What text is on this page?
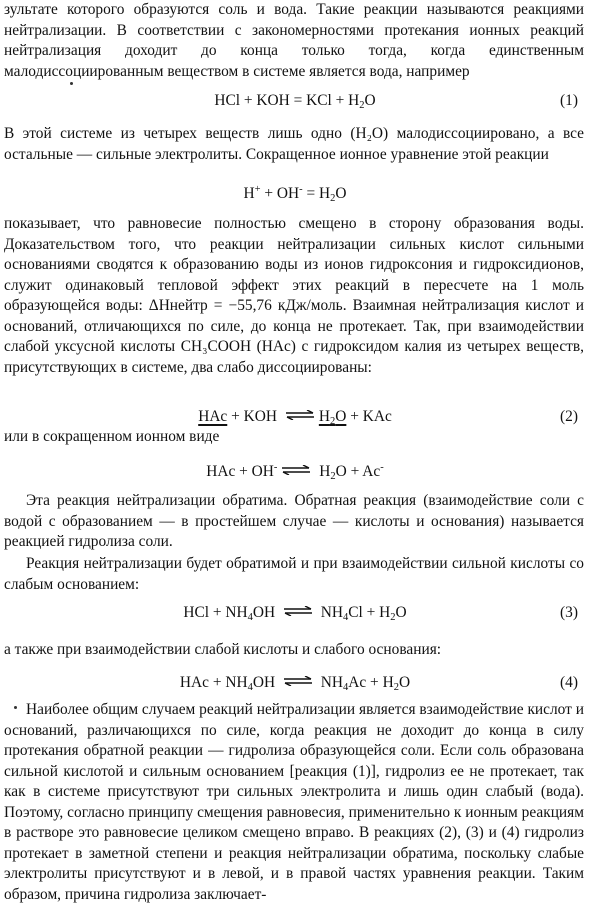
зультате которого образуются соль и вода. Такие реакции называются реакциями нейтрализации. В соответствии с закономерностями протекания ионных реакций нейтрализация доходит до конца только тогда, когда единственным малодиссоциированным веществом в системе является вода, например
HCl + KOH = KCl + $H_2O$	(1)
В этой системе из четырех веществ лишь одно (H₂O) малодиссоциировано, а все остальные — сильные электролиты. Сокращенное ионное уравнение этой реакции
$H^+ + OH^- = H_2O$
показывает, что равновесие полностью смещено в сторону образования воды. Доказательством того, что реакции нейтрализации сильных кислот сильными основаниями сводятся к образованию воды из ионов гидроксония и гидроксидионов, служит одинаковый тепловой эффект этих реакций в пересчете на 1 моль образующейся воды: ΔHнейтр = −55,76 кДж/моль. Взаимная нейтрализация кислот и оснований, отличающихся по силе, до конца не протекает. Так, при взаимодействии слабой уксусной кислоты CH₃COOH (HAc) с гидроксидом калия из четырех веществ, присутствующих в системе, два слабо диссоциированы:
HAc + KOH $H_2O$ + KAc	(2)
или в сокращенном ионном виде
HAc + OH- $H_2O + Ac^-$
Эта реакция нейтрализации обратима. Обратная реакция (взаимодействие соли с водой с образованием — в простейшем случае — кислоты и основания) называется реакцией гидролиза соли.
Реакция нейтрализации будет обратимой и при взаимодействии сильной кислоты со слабым основанием:
HCl + $NH_4OH$  $NH_4Cl + H_2O$	(3)
а также при взаимодействии слабой кислоты и слабого основания:
HAc + $NH_4OH$  $NH_4Ac + H_2O$	(4)
Наиболее общим случаем реакций нейтрализации является взаимодействие кислот и оснований, различающихся по силе, когда реакция не доходит до конца в силу протекания обратной реакции — гидролиза образующейся соли. Если соль образована сильной кислотой и сильным основанием [реакция (1)], гидролиз ее не протекает, так как в системе присутствуют три сильных электролита и лишь один слабый (вода). Поэтому, согласно принципу смещения равновесия, применительно к ионным реакциям в растворе это равновесие целиком смещено вправо. В реакциях (2), (3) и (4) гидролиз протекает в заметной степени и реакция нейтрализации обратима, поскольку слабые электролиты присутствуют и в левой, и в правой частях уравнения реакции. Таким образом, причина гидролиза заключает-
